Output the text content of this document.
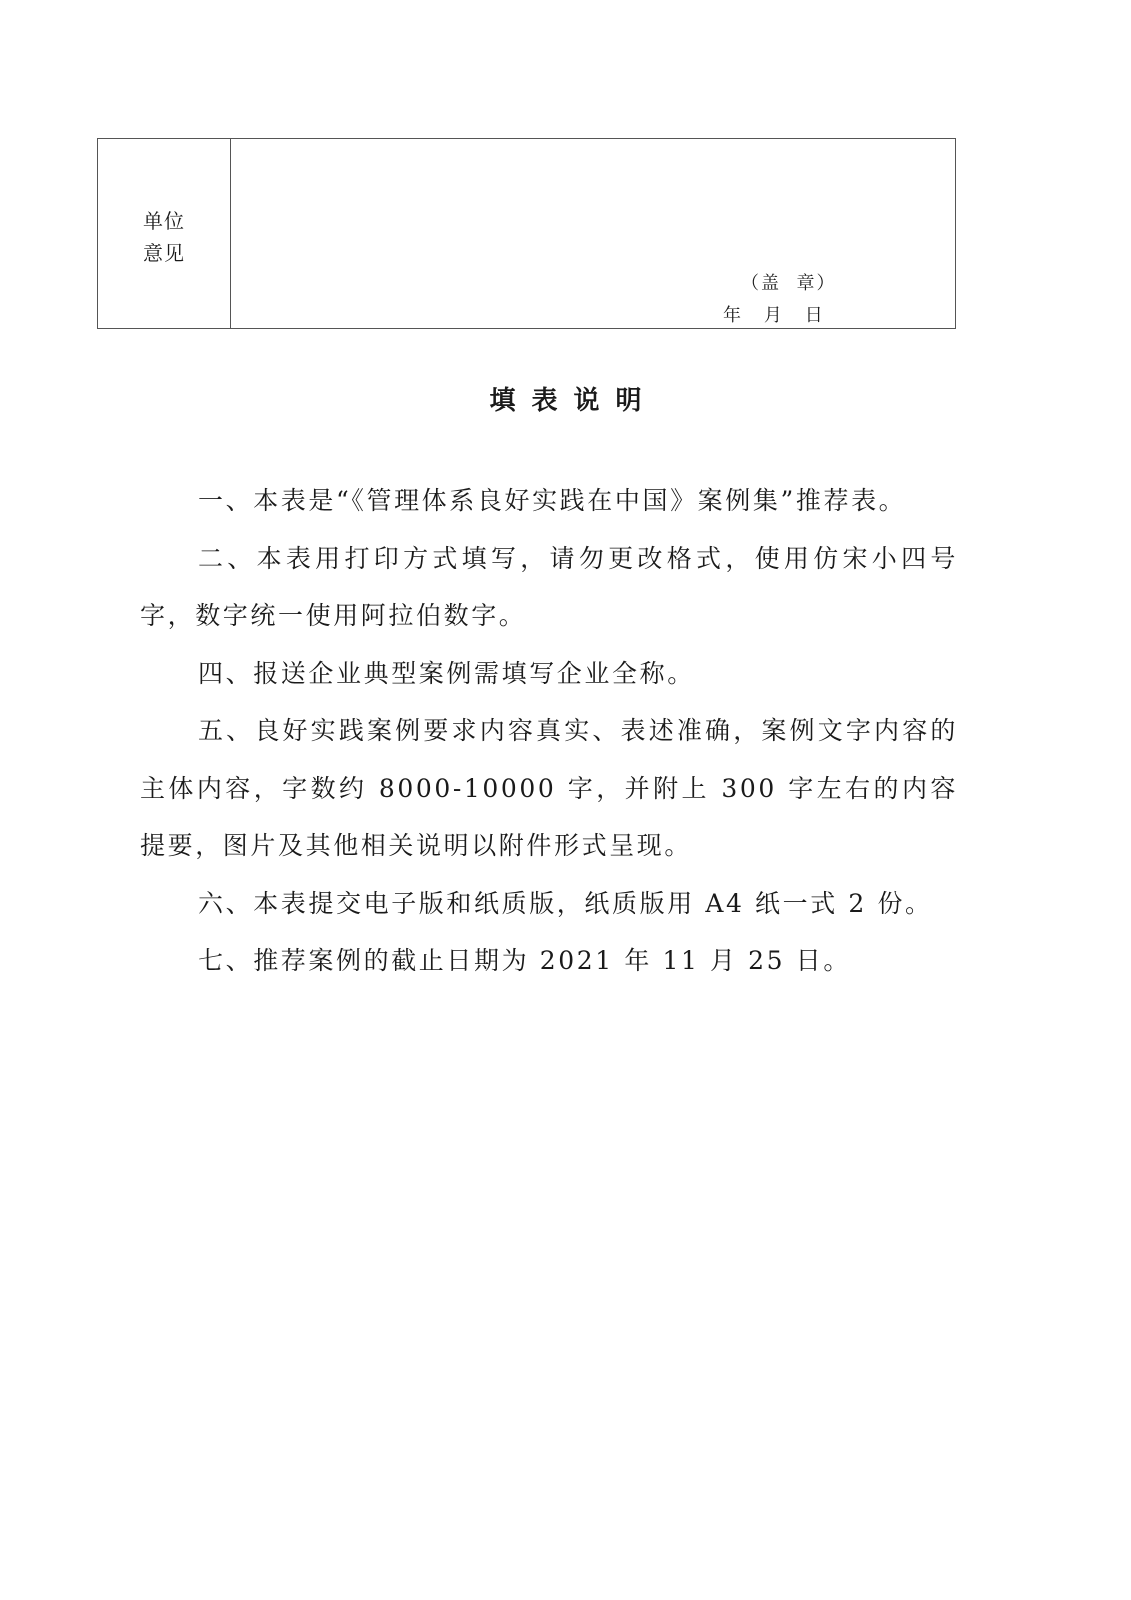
单位
意见
（盖  章）
年    月    日
填表说明

一、本表是“《管理体系良好实践在中国》案例集”推荐表。

二、本表用打印方式填写，请勿更改格式，使用仿宋小四号字，数字统一使用阿拉伯数字。

四、报送企业典型案例需填写企业全称。

五、良好实践案例要求内容真实、表述准确，案例文字内容的主体内容，字数约 8000-10000 字，并附上 300 字左右的内容提要，图片及其他相关说明以附件形式呈现。

六、本表提交电子版和纸质版，纸质版用 A4 纸一式 2 份。

七、推荐案例的截止日期为 2021 年 11 月 25 日。
